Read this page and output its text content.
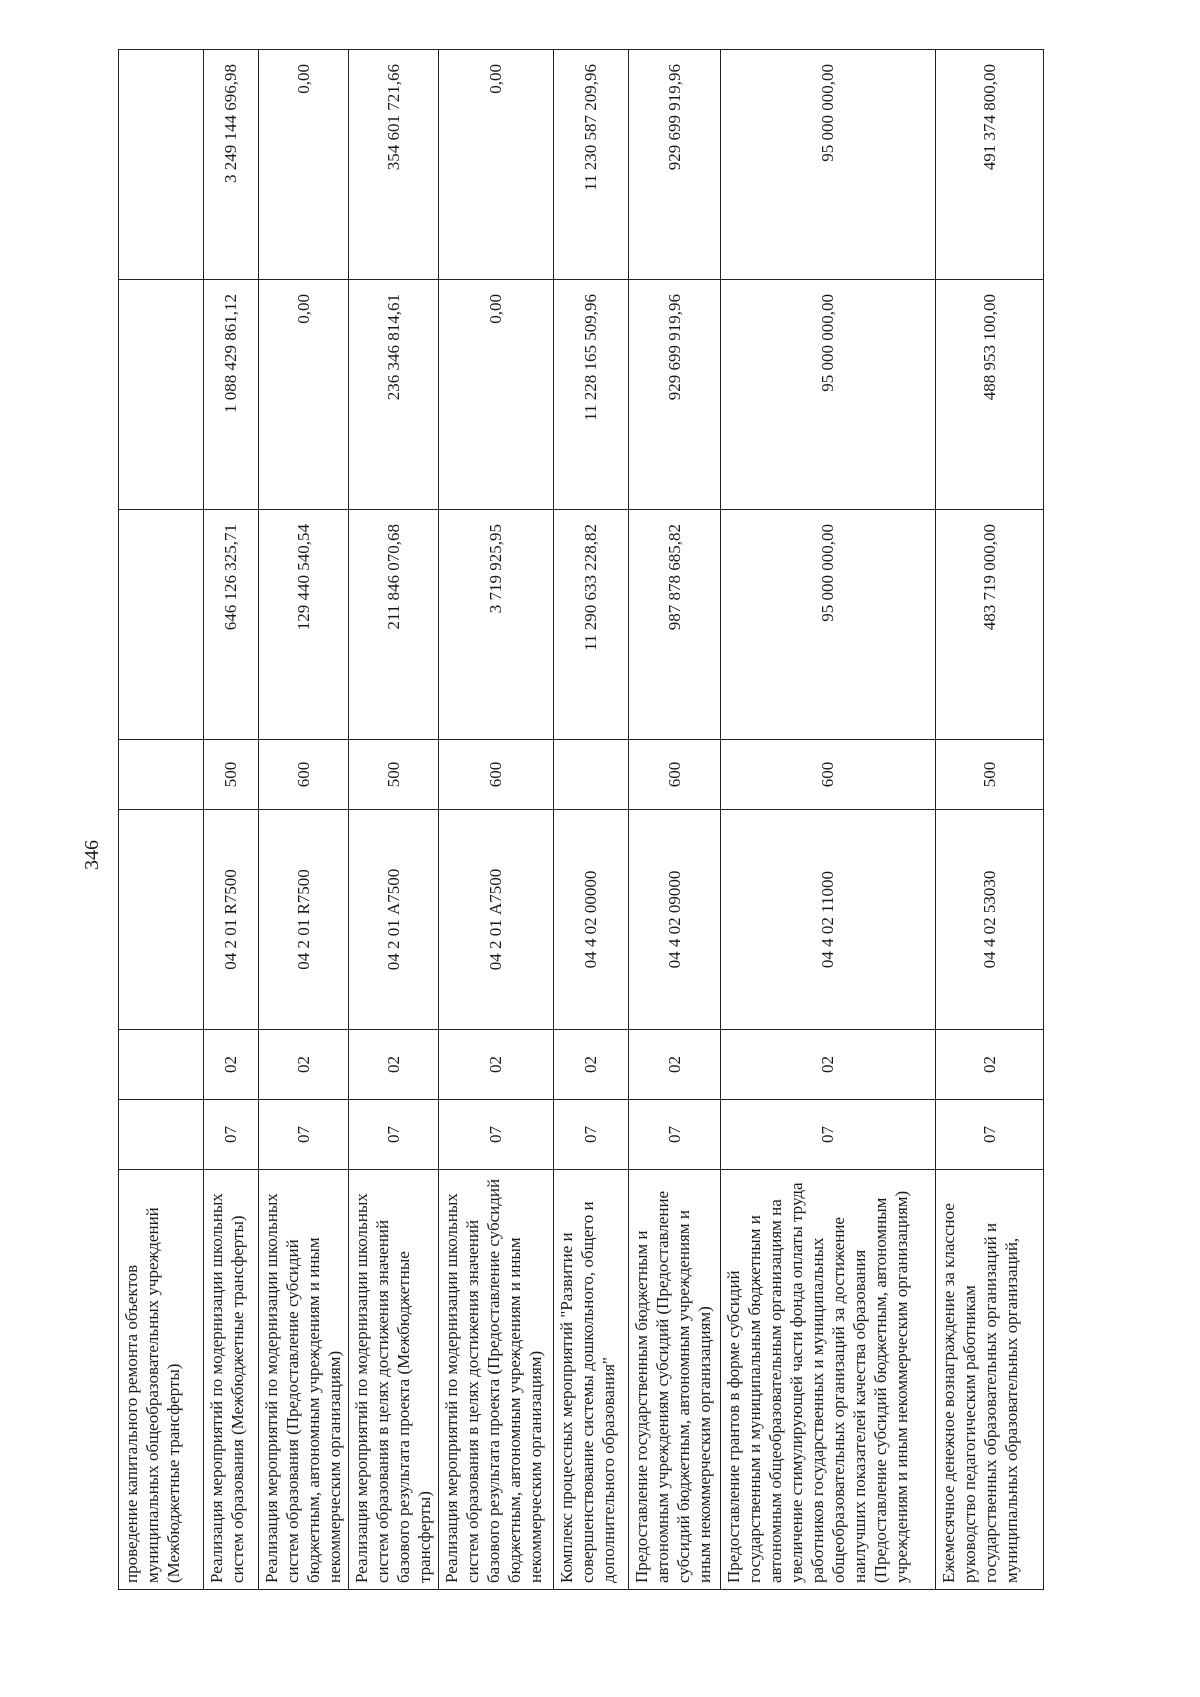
346
проведение капитального ремонта объектов муниципальных общеобразовательных учреждений (Межбюджетные трансферты)							
Реализация мероприятий по модернизации школьных систем образования (Межбюджетные трансферты)	07	02	04 2 01 R7500	500	646 126 325,71	1 088 429 861,12	3 249 144 696,98
Реализация мероприятий по модернизации школьных систем образования (Предоставление субсидий бюджетным, автономным учреждениям и иным некоммерческим организациям)	07	02	04 2 01 R7500	600	129 440 540,54	0,00	0,00
Реализация мероприятий по модернизации школьных систем образования в целях достижения значений базового результата проекта (Межбюджетные трансферты)	07	02	04 2 01 А7500	500	211 846 070,68	236 346 814,61	354 601 721,66
Реализация мероприятий по модернизации школьных систем образования в целях достижения значений базового результата проекта (Предоставление субсидий бюджетным, автономным учреждениям и иным некоммерческим организациям)	07	02	04 2 01 А7500	600	3 719 925,95	0,00	0,00
Комплекс процессных мероприятий "Развитие и совершенствование системы дошкольного, общего и дополнительного образования"	07	02	04 4 02 00000		11 290 633 228,82	11 228 165 509,96	11 230 587 209,96
Предоставление государственным бюджетным и автономным учреждениям субсидий (Предоставление субсидий бюджетным, автономным учреждениям и иным некоммерческим организациям)	07	02	04 4 02 09000	600	987 878 685,82	929 699 919,96	929 699 919,96
Предоставление грантов в форме субсидий государственным и муниципальным бюджетным и автономным общеобразовательным организациям на увеличение стимулирующей части фонда оплаты труда работников государственных и муниципальных общеобразовательных организаций за достижение наилучших показателей качества образования (Предоставление субсидий бюджетным, автономным учреждениям и иным некоммерческим организациям)	07	02	04 4 02 11000	600	95 000 000,00	95 000 000,00	95 000 000,00
Ежемесячное денежное вознаграждение за классное руководство педагогическим работникам государственных образовательных организаций и муниципальных образовательных организаций,	07	02	04 4 02 53030	500	483 719 000,00	488 953 100,00	491 374 800,00
